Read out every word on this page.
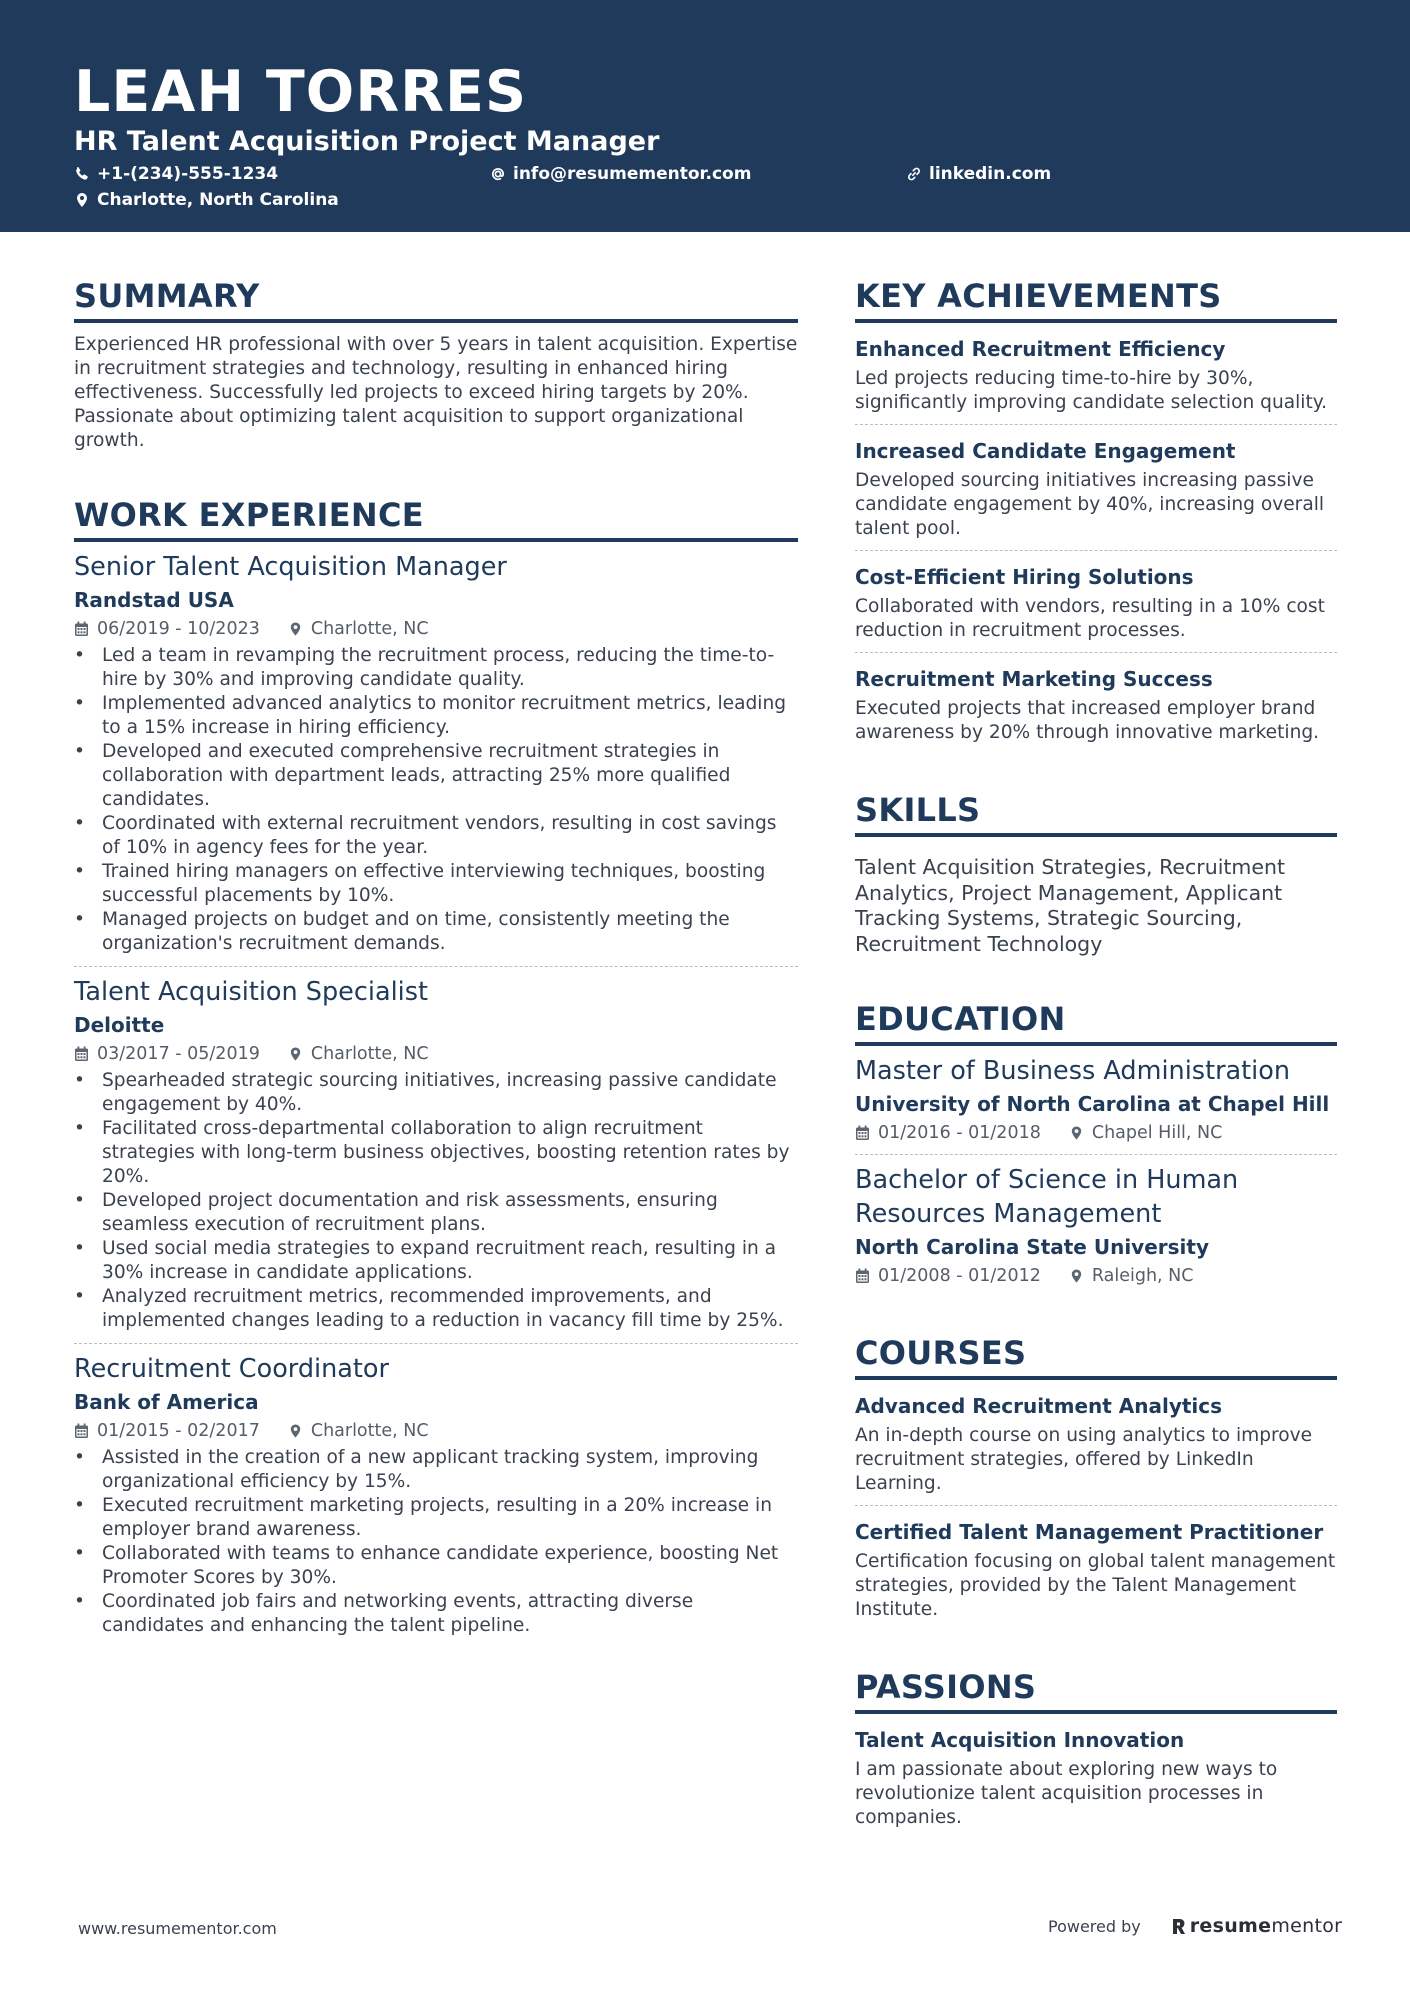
LEAH TORRES
HR Talent Acquisition Project Manager
+1-(234)-555-1234	info@resumementor.com	linkedin.com
Charlotte, North Carolina
SUMMARY

Experienced HR professional with over 5 years in talent acquisition. Expertise in recruitment strategies and technology, resulting in enhanced hiring effectiveness. Successfully led projects to exceed hiring targets by 20%. Passionate about optimizing talent acquisition to support organizational growth.

WORK EXPERIENCE
Senior Talent Acquisition Manager
Randstad USA
06/2019 - 10/2023	Charlotte, NC
• Led a team in revamping the recruitment process, reducing the time-to-hire by 30% and improving candidate quality.
• Implemented advanced analytics to monitor recruitment metrics, leading to a 15% increase in hiring efficiency.
• Developed and executed comprehensive recruitment strategies in collaboration with department leads, attracting 25% more qualified candidates.
• Coordinated with external recruitment vendors, resulting in cost savings of 10% in agency fees for the year.
• Trained hiring managers on effective interviewing techniques, boosting successful placements by 10%.
• Managed projects on budget and on time, consistently meeting the organization's recruitment demands.
Talent Acquisition Specialist
Deloitte
03/2017 - 05/2019	Charlotte, NC
• Spearheaded strategic sourcing initiatives, increasing passive candidate engagement by 40%.
• Facilitated cross-departmental collaboration to align recruitment strategies with long-term business objectives, boosting retention rates by 20%.
• Developed project documentation and risk assessments, ensuring seamless execution of recruitment plans.
• Used social media strategies to expand recruitment reach, resulting in a 30% increase in candidate applications.
• Analyzed recruitment metrics, recommended improvements, and implemented changes leading to a reduction in vacancy fill time by 25%.
Recruitment Coordinator
Bank of America
01/2015 - 02/2017	Charlotte, NC
• Assisted in the creation of a new applicant tracking system, improving organizational efficiency by 15%.
• Executed recruitment marketing projects, resulting in a 20% increase in employer brand awareness.
• Collaborated with teams to enhance candidate experience, boosting Net Promoter Scores by 30%.
• Coordinated job fairs and networking events, attracting diverse candidates and enhancing the talent pipeline.
KEY ACHIEVEMENTS
Enhanced Recruitment Efficiency

Led projects reducing time-to-hire by 30%, significantly improving candidate selection quality.

Increased Candidate Engagement

Developed sourcing initiatives increasing passive candidate engagement by 40%, increasing overall talent pool.

Cost-Efficient Hiring Solutions

Collaborated with vendors, resulting in a 10% cost reduction in recruitment processes.

Recruitment Marketing Success

Executed projects that increased employer brand awareness by 20% through innovative marketing.

SKILLS

Talent Acquisition Strategies, Recruitment Analytics, Project Management, Applicant Tracking Systems, Strategic Sourcing, Recruitment Technology

EDUCATION
Master of Business Administration
University of North Carolina at Chapel Hill
01/2016 - 01/2018	Chapel Hill, NC
Bachelor of Science in Human Resources Management
North Carolina State University
01/2008 - 01/2012	Raleigh, NC
COURSES
Advanced Recruitment Analytics

An in-depth course on using analytics to improve recruitment strategies, offered by LinkedIn Learning.

Certified Talent Management Practitioner

Certification focusing on global talent management strategies, provided by the Talent Management Institute.

PASSIONS
Talent Acquisition Innovation

I am passionate about exploring new ways to revolutionize talent acquisition processes in companies.

www.resumementor.com	Powered by	resumementor
